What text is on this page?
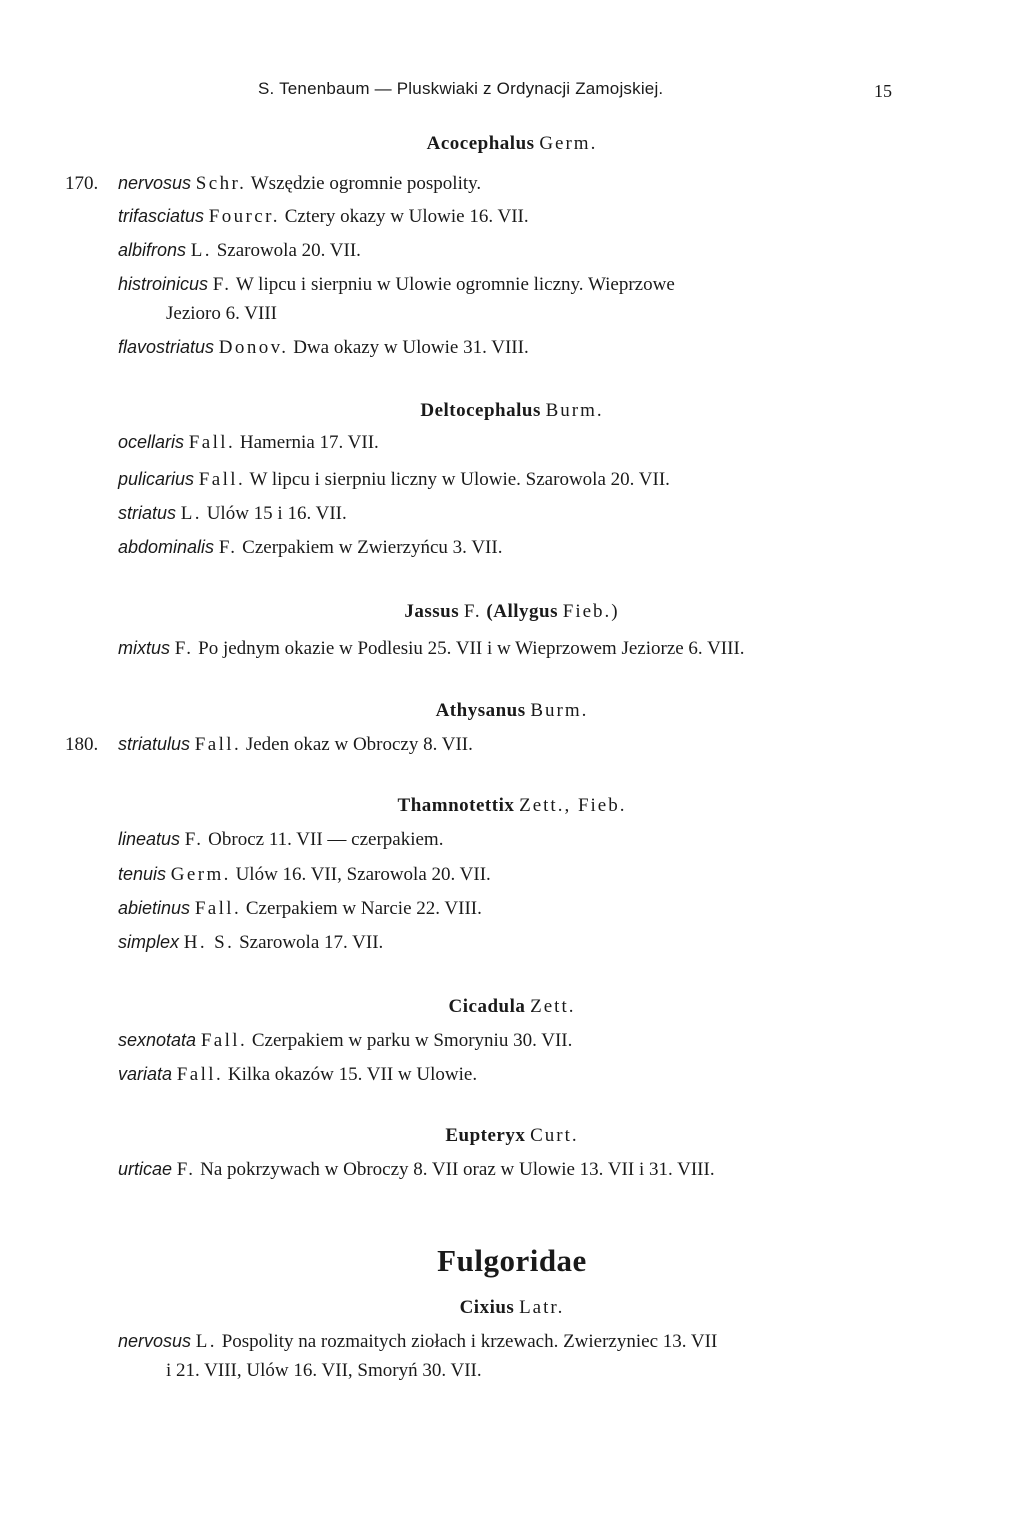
S. Tenenbaum — Pluskwiaki z Ordynacji Zamojskiej.	15
Acocephalus Germ.
170. nervosus Schr. Wszędzie ogromnie pospolity.
trifasciatus Fourcr. Cztery okazy w Ulowie 16. VII.
albifrons L. Szarowola 20. VII.
histroinicus F. W lipcu i sierpniu w Ulowie ogromnie liczny. Wieprzowe
Jezioro 6. VIII
flavostriatus Donov. Dwa okazy w Ulowie 31. VIII.
Deltocephalus Burm.
ocellaris Fall. Hamernia 17. VII.
pulicarius Fall. W lipcu i sierpniu liczny w Ulowie. Szarowola 20. VII.
striatus L. Ulów 15 i 16. VII.
abdominalis F. Czerpakiem w Zwierzyńcu 3. VII.
Jassus F. (Allygus Fieb.)
mixtus F. Po jednym okazie w Podlesiu 25. VII i w Wieprzowem Jeziorze 6. VIII.
Athysanus Burm.
180. striatulus Fall. Jeden okaz w Obroczy 8. VII.
Thamnotettix Zett., Fieb.
lineatus F. Obrocz 11. VII — czerpakiem.
tenuis Germ. Ulów 16. VII, Szarowola 20. VII.
abietinus Fall. Czerpakiem w Narcie 22. VIII.
simplex H. S. Szarowola 17. VII.
Cicadula Zett.
sexnotata Fall. Czerpakiem w parku w Smoryniu 30. VII.
variata Fall. Kilka okazów 15. VII w Ulowie.
Eupteryx Curt.
urticae F. Na pokrzywach w Obroczy 8. VII oraz w Ulowie 13. VII i 31. VIII.
Fulgoridae
Cixius Latr.
nervosus L. Pospolity na rozmaitych ziołach i krzewach. Zwierzyniec 13. VII
i 21. VIII, Ulów 16. VII, Smoryń 30. VII.
